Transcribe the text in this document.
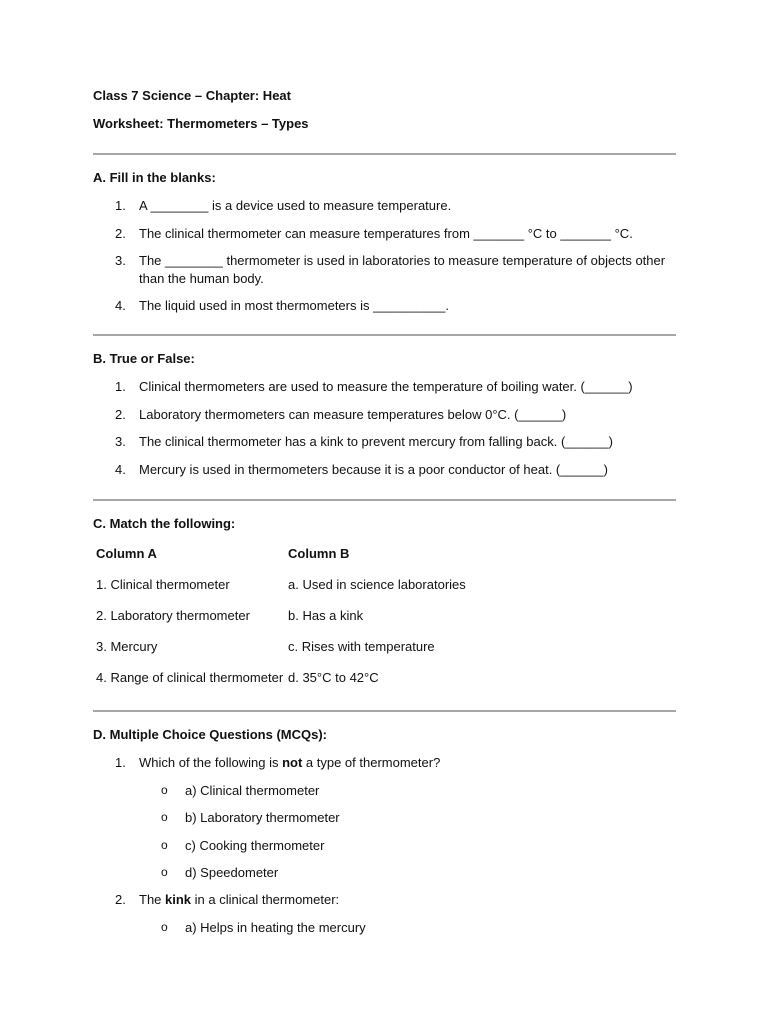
Class 7 Science – Chapter: Heat
Worksheet: Thermometers – Types
A. Fill in the blanks:
1. A ________ is a device used to measure temperature.
2. The clinical thermometer can measure temperatures from _______ °C to _______ °C.
3. The ________ thermometer is used in laboratories to measure temperature of objects other than the human body.
4. The liquid used in most thermometers is __________.
B. True or False:
1. Clinical thermometers are used to measure the temperature of boiling water. (______)
2. Laboratory thermometers can measure temperatures below 0°C. (______)
3. The clinical thermometer has a kink to prevent mercury from falling back. (______)
4. Mercury is used in thermometers because it is a poor conductor of heat. (______)
C. Match the following:
Column A	Column B
1. Clinical thermometer	a. Used in science laboratories
2. Laboratory thermometer	b. Has a kink
3. Mercury	c. Rises with temperature
4. Range of clinical thermometer d. 35°C to 42°C
D. Multiple Choice Questions (MCQs):
1. Which of the following is not a type of thermometer?
o a) Clinical thermometer
o b) Laboratory thermometer
o c) Cooking thermometer
o d) Speedometer
2. The kink in a clinical thermometer:
o a) Helps in heating the mercury
